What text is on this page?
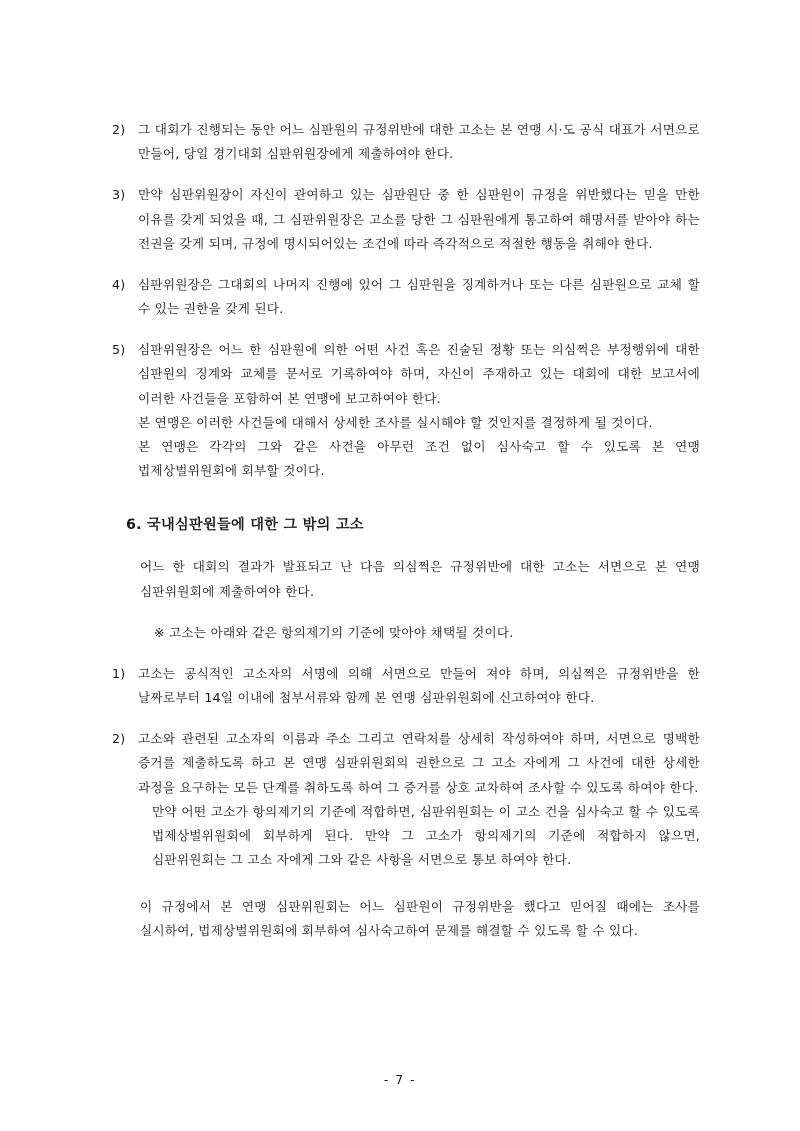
2) 그 대회가 진행되는 동안 어느 심판원의 규정위반에 대한 고소는 본 연맹 시·도 공식 대표가 서면으로 만들어, 당일 경기대회 심판위원장에게 제출하여야 한다.
3) 만약 심판위원장이 자신이 관여하고 있는 심판원단 중 한 심판원이 규정을 위반했다는 믿을 만한 이유를 갖게 되었을 때, 그 심판위원장은 고소를 당한 그 심판원에게 통고하여 해명서를 받아야 하는 전권을 갖게 되며, 규정에 명시되어있는 조건에 따라 즉각적으로 적절한 행동을 취해야 한다.
4) 심판위원장은 그대회의 나머지 진행에 있어 그 심판원을 징계하거나 또는 다른 심판원으로 교체 할 수 있는 권한을 갖게 된다.
5) 심판위원장은 어느 한 심판원에 의한 어떤 사건 혹은 진술된 정황 또는 의심쩍은 부정행위에 대한 심판원의 징계와 교체를 문서로 기록하여야 하며, 자신이 주재하고 있는 대회에 대한 보고서에 이러한 사건들을 포함하여 본 연맹에 보고하여야 한다.
본 연맹은 이러한 사건들에 대해서 상세한 조사를 실시해야 할 것인지를 결정하게 될 것이다.
본 연맹은 각각의 그와 같은 사건을 아무런 조건 없이 심사숙고 할 수 있도록 본 연맹 법제상벌위원회에 회부할 것이다.
6. 국내심판원들에 대한 그 밖의 고소
어느 한 대회의 결과가 발표되고 난 다음 의심쩍은 규정위반에 대한 고소는 서면으로 본 연맹 심판위원회에 제출하여야 한다.
※ 고소는 아래와 같은 항의제기의 기준에 맞아야 채택될 것이다.
1) 고소는 공식적인 고소자의 서명에 의해 서면으로 만들어 져야 하며, 의심쩍은 규정위반을 한 날짜로부터 14일 이내에 첨부서류와 함께 본 연맹 심판위원회에 신고하여야 한다.
2) 고소와 관련된 고소자의 이름과 주소 그리고 연락처를 상세히 작성하여야 하며, 서면으로 명백한 증거를 제출하도록 하고 본 연맹 심판위원회의 권한으로 그 고소 자에게 그 사건에 대한 상세한 과정을 요구하는 모든 단계를 취하도록 하여 그 증거를 상호 교차하여 조사할 수 있도록 하여야 한다.
만약 어떤 고소가 항의제기의 기준에 적합하면, 심판위원회는 이 고소 건을 심사숙고 할 수 있도록 법제상벌위원회에 회부하게 된다. 만약 그 고소가 항의제기의 기준에 적합하지 않으면, 심판위원회는 그 고소 자에게 그와 같은 사항을 서면으로 통보 하여야 한다.
이 규정에서 본 연맹 심판위원회는 어느 심판원이 규정위반을 했다고 믿어질 때에는 조사를 실시하여, 법제상벌위원회에 회부하여 심사숙고하여 문제를 해결할 수 있도록 할 수 있다.
- 7 -
